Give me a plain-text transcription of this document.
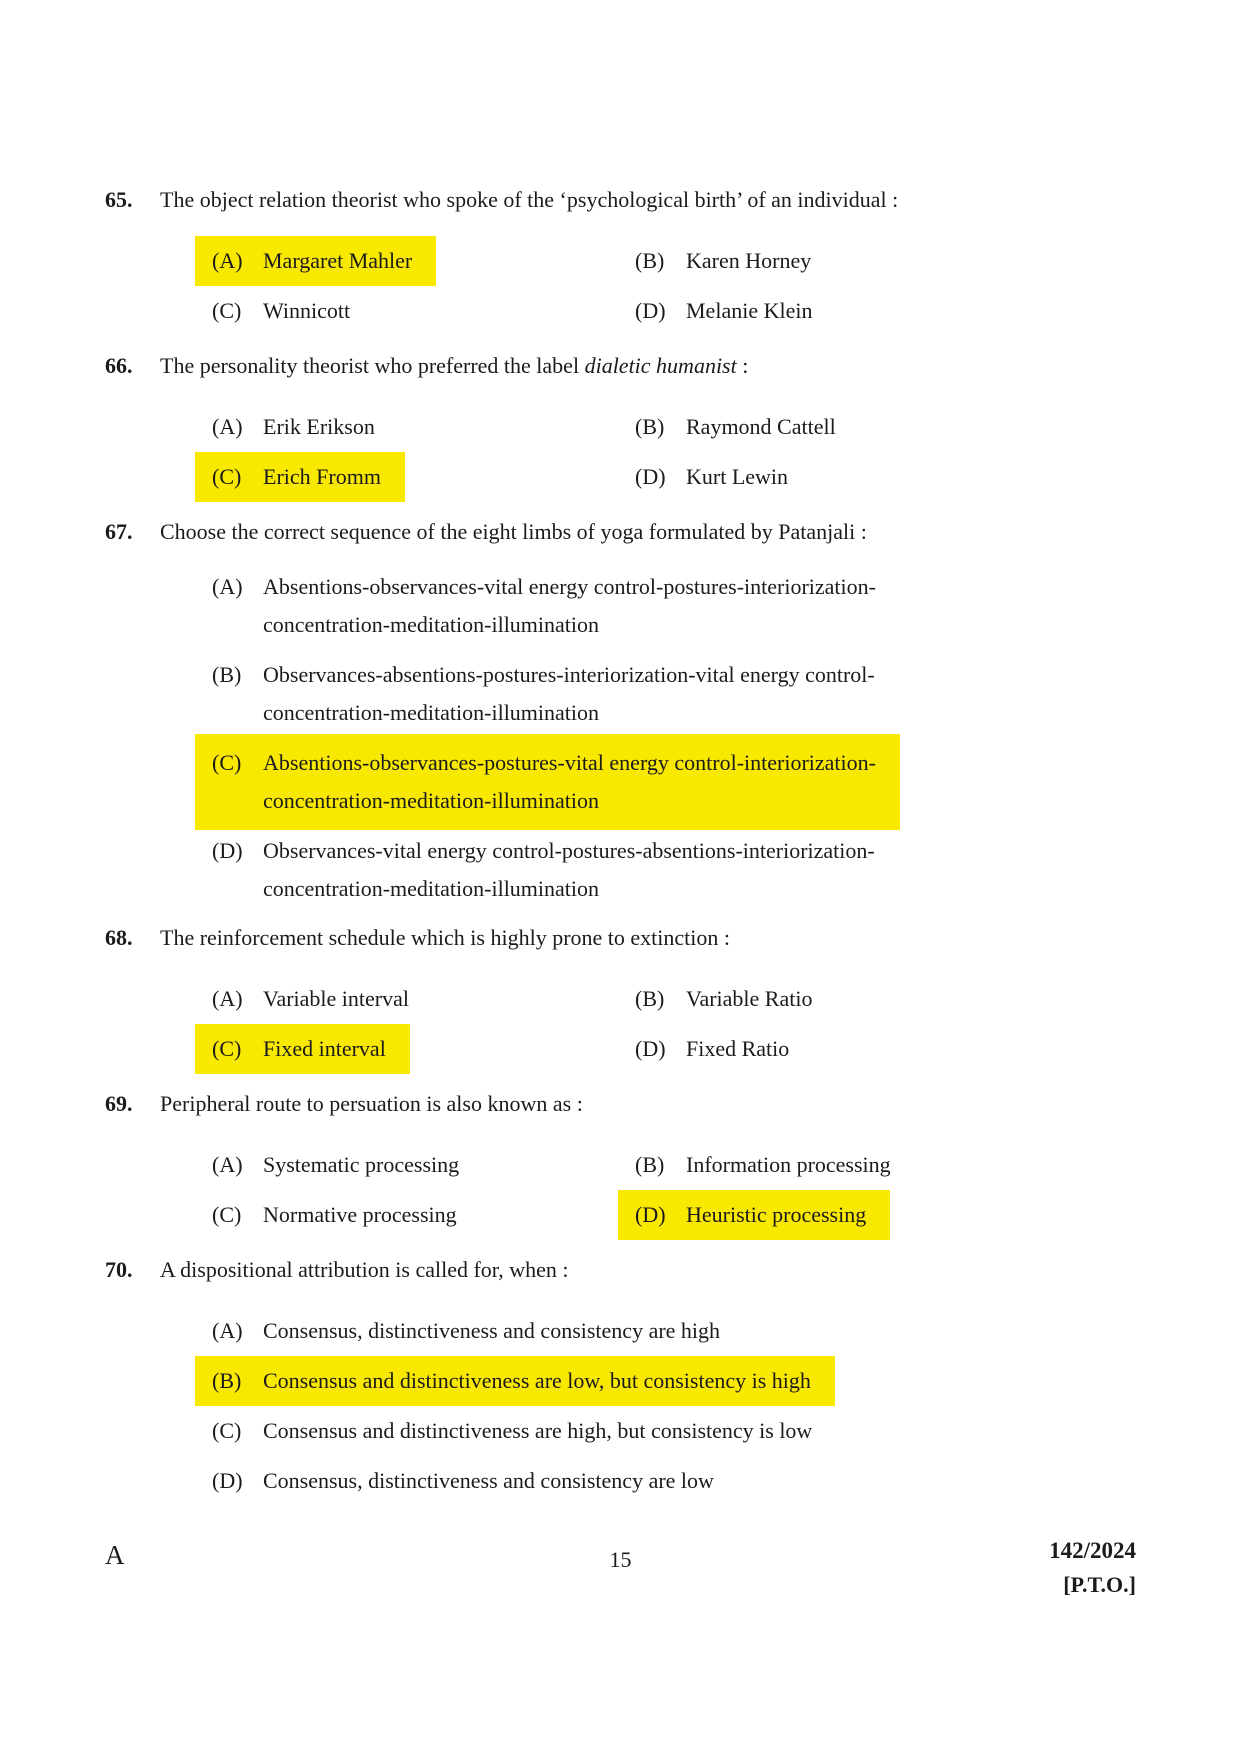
65.	The object relation theorist who spoke of the ‘psychological birth’ of an individual :
(A) Margaret Mahler	(B) Karen Horney
(C) Winnicott	(D) Melanie Klein
66.	The personality theorist who preferred the label dialetic humanist :
(A) Erik Erikson	(B) Raymond Cattell
(C) Erich Fromm	(D) Kurt Lewin
67.	Choose the correct sequence of the eight limbs of yoga formulated by Patanjali :
(A) Absentions-observances-vital energy control-postures-interiorization-
concentration-meditation-illumination
(B) Observances-absentions-postures-interiorization-vital energy control-
concentration-meditation-illumination
(C) Absentions-observances-postures-vital energy control-interiorization-
concentration-meditation-illumination
(D) Observances-vital energy control-postures-absentions-interiorization-
concentration-meditation-illumination
68.	The reinforcement schedule which is highly prone to extinction :
(A) Variable interval	(B) Variable Ratio
(C) Fixed interval	(D) Fixed Ratio
69.	Peripheral route to persuation is also known as :
(A) Systematic processing	(B) Information processing
(C) Normative processing	(D) Heuristic processing
70.	A dispositional attribution is called for, when :
(A) Consensus, distinctiveness and consistency are high
(B) Consensus and distinctiveness are low, but consistency is high
(C) Consensus and distinctiveness are high, but consistency is low
(D) Consensus, distinctiveness and consistency are low
A	15	142/2024
[P.T.O.]
